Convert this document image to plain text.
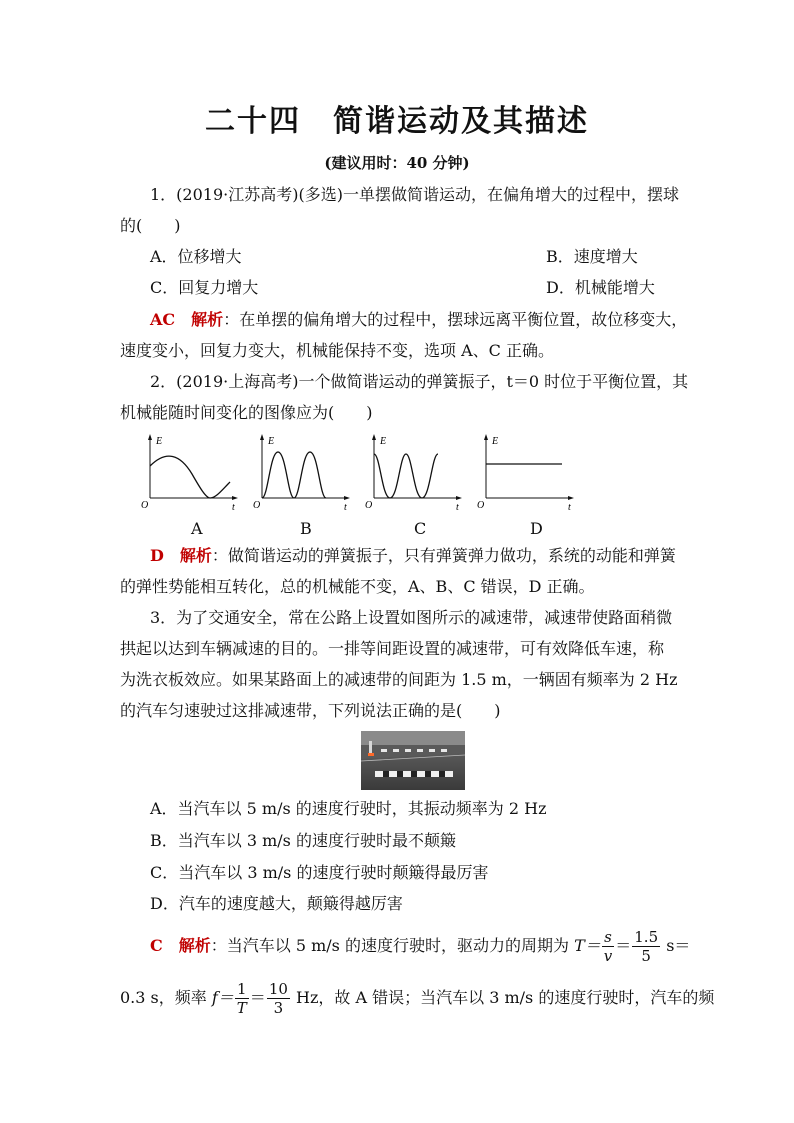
二十四　简谐运动及其描述
(建议用时：40 分钟)
1．(2019·江苏高考)(多选)一单摆做简谐运动，在偏角增大的过程中，摆球
的(　　)
A．位移增大	B．速度增大
C．回复力增大	D．机械能增大
AC　 解析：在单摆的偏角增大的过程中，摆球远离平衡位置，故位移变大，
速度变小，回复力变大，机械能保持不变，选项 A、C 正确。
2．(2019·上海高考)一个做简谐运动的弹簧振子，t＝0 时位于平衡位置，其
机械能随时间变化的图像应为(　　)
E
O	t
E
O	t
E
O	t
E
O	t
A	B	C	D
D　 解析：做简谐运动的弹簧振子，只有弹簧弹力做功，系统的动能和弹簧
的弹性势能相互转化，总的机械能不变，A、B、C 错误，D 正确。
3．为了交通安全，常在公路上设置如图所示的减速带，减速带使路面稍微
拱起以达到车辆减速的目的。一排等间距设置的减速带，可有效降低车速，称
为洗衣板效应。如果某路面上的减速带的间距为 1.5 m，一辆固有频率为 2 Hz
的汽车匀速驶过这排减速带，下列说法正确的是(　　)
A．当汽车以 5 m/s 的速度行驶时，其振动频率为 2 Hz
B．当汽车以 3 m/s 的速度行驶时最不颠簸
C．当汽车以 3 m/s 的速度行驶时颠簸得最厉害
D．汽车的速度越大，颠簸得越厉害
C　 解析：当汽车以 5 m/s 的速度行驶时，驱动力的周期为 $T= \frac{s}{v} = \frac{1.5}{5} s=$
0.3 s，频率 $f= \frac{1}{T} = \frac{10}{3}$ Hz，故 A 错误；当汽车以 3 m/s 的速度行驶时，汽车的频
